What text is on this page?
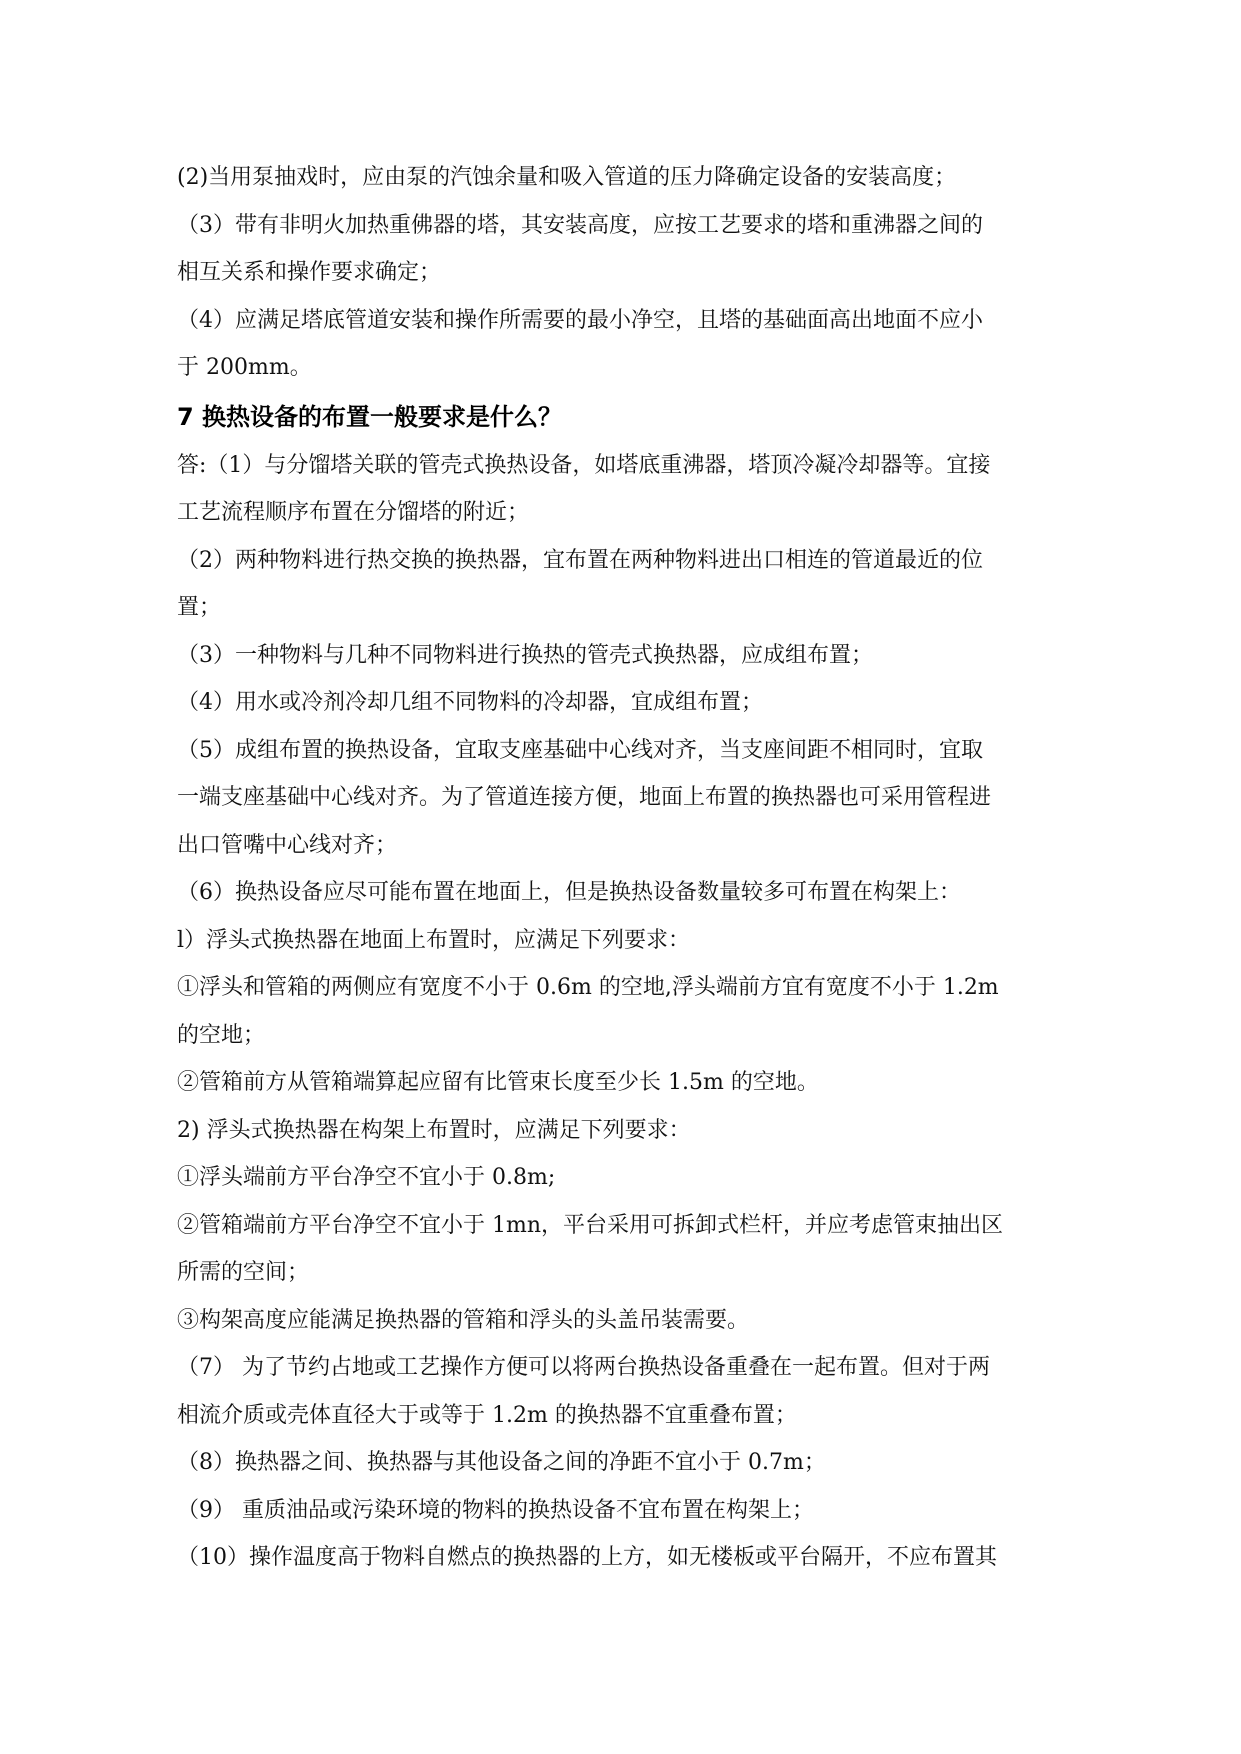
(2)当用泵抽戏时，应由泵的汽蚀余量和吸入管道的压力降确定设备的安装高度；
（3）带有非明火加热重佛器的塔，其安装高度，应按工艺要求的塔和重沸器之间的
相互关系和操作要求确定；
（4）应满足塔底管道安装和操作所需要的最小净空，且塔的基础面高出地面不应小
于 200mm。
7 换热设备的布置一般要求是什么？
答:（1）与分馏塔关联的管壳式换热设备，如塔底重沸器，塔顶冷凝冷却器等。宜接
工艺流程顺序布置在分馏塔的附近；
（2）两种物料进行热交换的换热器，宜布置在两种物料进出口相连的管道最近的位
置；
（3）一种物料与几种不同物料进行换热的管壳式换热器，应成组布置；
（4）用水或冷剂冷却几组不同物料的冷却器，宜成组布置；
（5）成组布置的换热设备，宜取支座基础中心线对齐，当支座间距不相同时，宜取
一端支座基础中心线对齐。为了管道连接方便，地面上布置的换热器也可采用管程进
出口管嘴中心线对齐；
（6）换热设备应尽可能布置在地面上，但是换热设备数量较多可布置在构架上：
l）浮头式换热器在地面上布置时，应满足下列要求：
①浮头和管箱的两侧应有宽度不小于 0.6m 的空地,浮头端前方宜有宽度不小于 1.2m
的空地；
②管箱前方从管箱端算起应留有比管束长度至少长 1.5m 的空地。
2) 浮头式换热器在构架上布置时，应满足下列要求：
①浮头端前方平台净空不宜小于 0.8m;
②管箱端前方平台净空不宜小于 1mn，平台采用可拆卸式栏杆，并应考虑管束抽出区
所需的空间；
③构架高度应能满足换热器的管箱和浮头的头盖吊装需要。
（7） 为了节约占地或工艺操作方便可以将两台换热设备重叠在一起布置。但对于两
相流介质或壳体直径大于或等于 1.2m 的换热器不宜重叠布置；
（8）换热器之间、换热器与其他设备之间的净距不宜小于 0.7m；
（9） 重质油品或污染环境的物料的换热设备不宜布置在构架上；
（10）操作温度高于物料自燃点的换热器的上方，如无楼板或平台隔开，不应布置其
